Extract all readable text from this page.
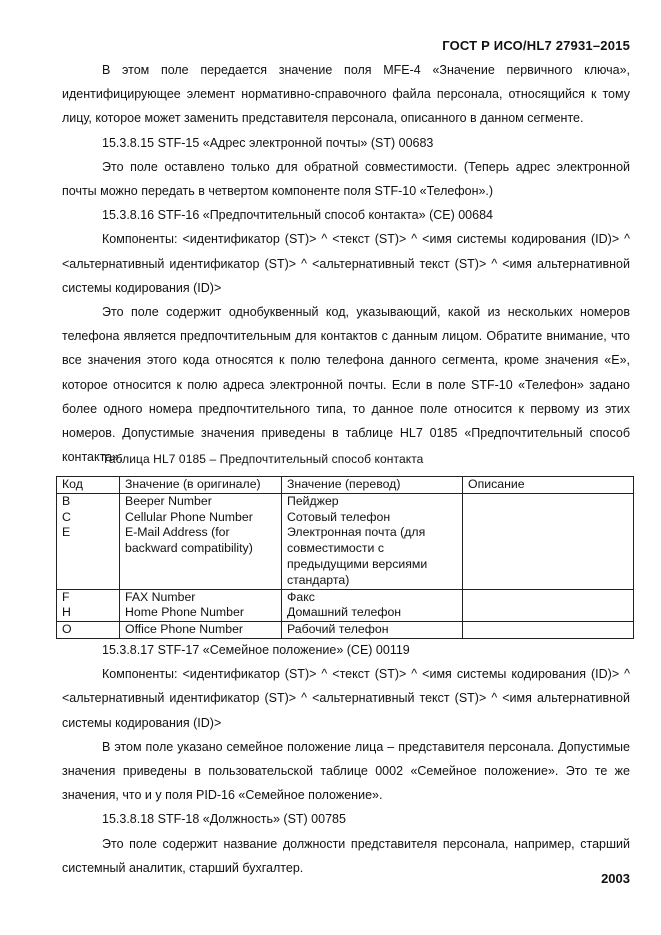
ГОСТ Р ИСО/HL7 27931–2015

В этом поле передается значение поля MFE-4 «Значение первичного ключа», идентифицирующее элемент нормативно-справочного файла персонала, относящийся к тому лицу, которое может заменить представителя персонала, описанного в данном сегменте.

15.3.8.15 STF-15 «Адрес электронной почты» (ST) 00683

Это поле оставлено только для обратной совместимости. (Теперь адрес электронной почты можно передать в четвертом компоненте поля STF-10 «Телефон».)

15.3.8.16 STF-16 «Предпочтительный способ контакта» (CE) 00684

Компоненты: <идентификатор (ST)> ^ <текст (ST)> ^ <имя системы кодирования (ID)> ^ <альтернативный идентификатор (ST)> ^ <альтернативный текст (ST)> ^ <имя альтернативной системы кодирования (ID)>

Это поле содержит однобуквенный код, указывающий, какой из нескольких номеров телефона является предпочтительным для контактов с данным лицом. Обратите внимание, что все значения этого кода относятся к полю телефона данного сегмента, кроме значения «E», которое относится к полю адреса электронной почты. Если в поле STF-10 «Телефон» задано более одного номера предпочтительного типа, то данное поле относится к первому из этих номеров. Допустимые значения приведены в таблице HL7 0185 «Предпочтительный способ контакта».

Таблица HL7 0185 – Предпочтительный способ контакта
Код	Значение (в оригинале)	Значение (перевод)	Описание
B	Beeper Number	Пейджер	
C	Cellular Phone Number	Сотовый телефон	
E	E-Mail Address (for backward compatibility)	Электронная почта (для совместимости с предыдущими версиями стандарта)	
F	FAX Number	Факс	
H	Home Phone Number	Домашний телефон	
O	Office Phone Number	Рабочий телефон	

15.3.8.17 STF-17 «Семейное положение» (CE) 00119

Компоненты: <идентификатор (ST)> ^ <текст (ST)> ^ <имя системы кодирования (ID)> ^ <альтернативный идентификатор (ST)> ^ <альтернативный текст (ST)> ^ <имя альтернативной системы кодирования (ID)>

В этом поле указано семейное положение лица – представителя персонала. Допустимые значения приведены в пользовательской таблице 0002 «Семейное положение». Это те же значения, что и у поля PID-16 «Семейное положение».

15.3.8.18 STF-18 «Должность» (ST) 00785

Это поле содержит название должности представителя персонала, например, старший системный аналитик, старший бухгалтер.

2003
